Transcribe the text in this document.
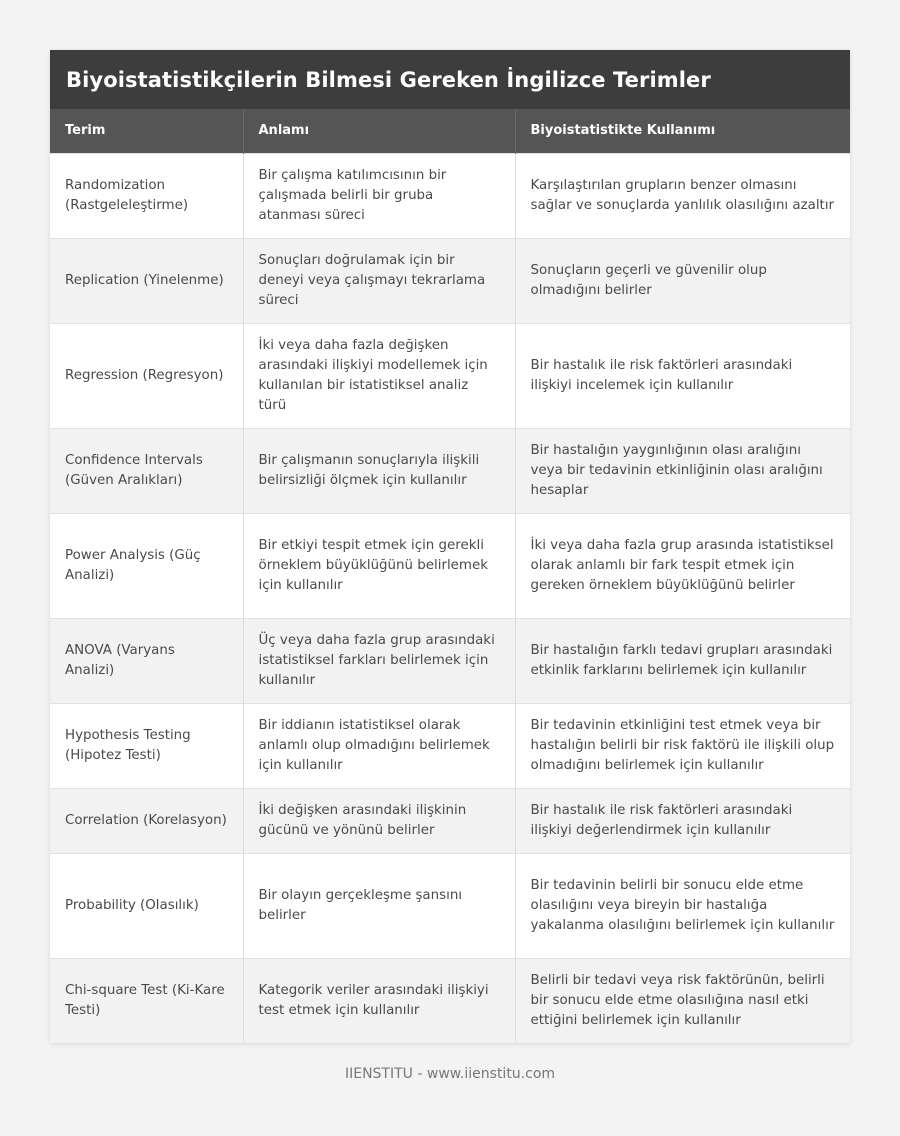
Biyoistatistikçilerin Bilmesi Gereken İngilizce Terimler
Terim	Anlamı	Biyoistatistikte Kullanımı
Randomization (Rastgeleleştirme)	Bir çalışma katılımcısının bir çalışmada belirli bir gruba atanması süreci	Karşılaştırılan grupların benzer olmasını sağlar ve sonuçlarda yanlılık olasılığını azaltır
Replication (Yinelenme)	Sonuçları doğrulamak için bir deneyi veya çalışmayı tekrarlama süreci	Sonuçların geçerli ve güvenilir olup olmadığını belirler
Regression (Regresyon)	İki veya daha fazla değişken arasındaki ilişkiyi modellemek için kullanılan bir istatistiksel analiz türü	Bir hastalık ile risk faktörleri arasındaki ilişkiyi incelemek için kullanılır
Confidence Intervals (Güven Aralıkları)	Bir çalışmanın sonuçlarıyla ilişkili belirsizliği ölçmek için kullanılır	Bir hastalığın yaygınlığının olası aralığını veya bir tedavinin etkinliğinin olası aralığını hesaplar
Power Analysis (Güç Analizi)	Bir etkiyi tespit etmek için gerekli örneklem büyüklüğünü belirlemek için kullanılır	İki veya daha fazla grup arasında istatistiksel olarak anlamlı bir fark tespit etmek için gereken örneklem büyüklüğünü belirler
ANOVA (Varyans Analizi)	Üç veya daha fazla grup arasındaki istatistiksel farkları belirlemek için kullanılır	Bir hastalığın farklı tedavi grupları arasındaki etkinlik farklarını belirlemek için kullanılır
Hypothesis Testing (Hipotez Testi)	Bir iddianın istatistiksel olarak anlamlı olup olmadığını belirlemek için kullanılır	Bir tedavinin etkinliğini test etmek veya bir hastalığın belirli bir risk faktörü ile ilişkili olup olmadığını belirlemek için kullanılır
Correlation (Korelasyon)	İki değişken arasındaki ilişkinin gücünü ve yönünü belirler	Bir hastalık ile risk faktörleri arasındaki ilişkiyi değerlendirmek için kullanılır
Probability (Olasılık)	Bir olayın gerçekleşme şansını belirler	Bir tedavinin belirli bir sonucu elde etme olasılığını veya bireyin bir hastalığa yakalanma olasılığını belirlemek için kullanılır
Chi-square Test (Ki-Kare Testi)	Kategorik veriler arasındaki ilişkiyi test etmek için kullanılır	Belirli bir tedavi veya risk faktörünün, belirli bir sonucu elde etme olasılığına nasıl etki ettiğini belirlemek için kullanılır
IIENSTITU - www.iienstitu.com
